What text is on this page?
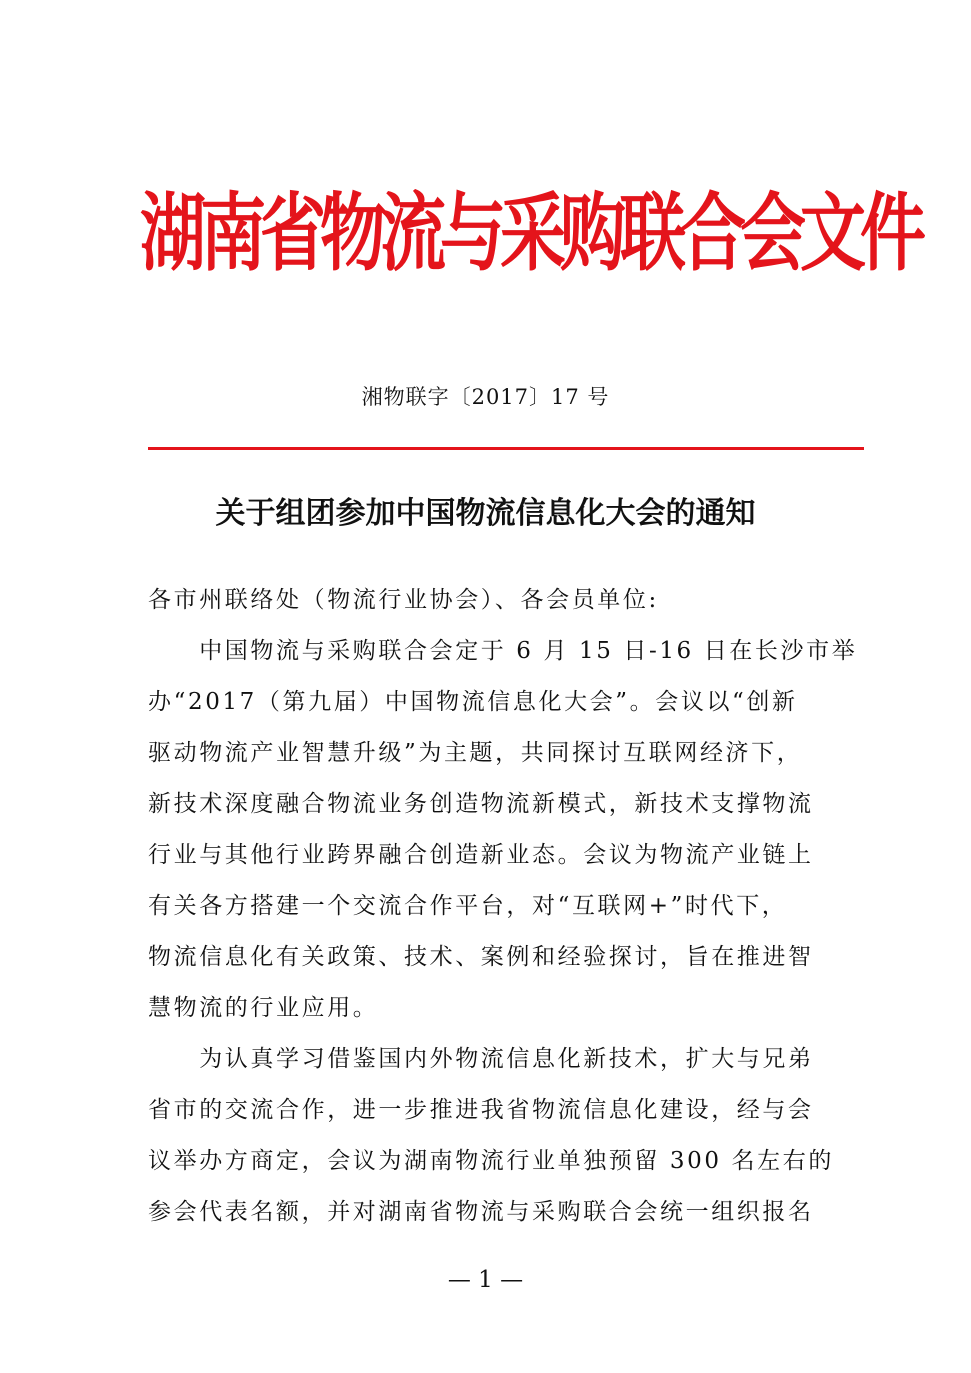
湖南省物流与采购联合会文件
湘物联字〔2017〕17 号
关于组团参加中国物流信息化大会的通知
各市州联络处（物流行业协会）、各会员单位:
　　中国物流与采购联合会定于 6 月 15 日-16 日在长沙市举
办“2017（第九届）中国物流信息化大会”。会议以“创新
驱动物流产业智慧升级”为主题，共同探讨互联网经济下，
新技术深度融合物流业务创造物流新模式，新技术支撑物流
行业与其他行业跨界融合创造新业态。会议为物流产业链上
有关各方搭建一个交流合作平台，对“互联网+”时代下，
物流信息化有关政策、技术、案例和经验探讨，旨在推进智
慧物流的行业应用。
　　为认真学习借鉴国内外物流信息化新技术，扩大与兄弟
省市的交流合作，进一步推进我省物流信息化建设，经与会
议举办方商定，会议为湖南物流行业单独预留 300 名左右的
参会代表名额，并对湖南省物流与采购联合会统一组织报名
— 1 —
